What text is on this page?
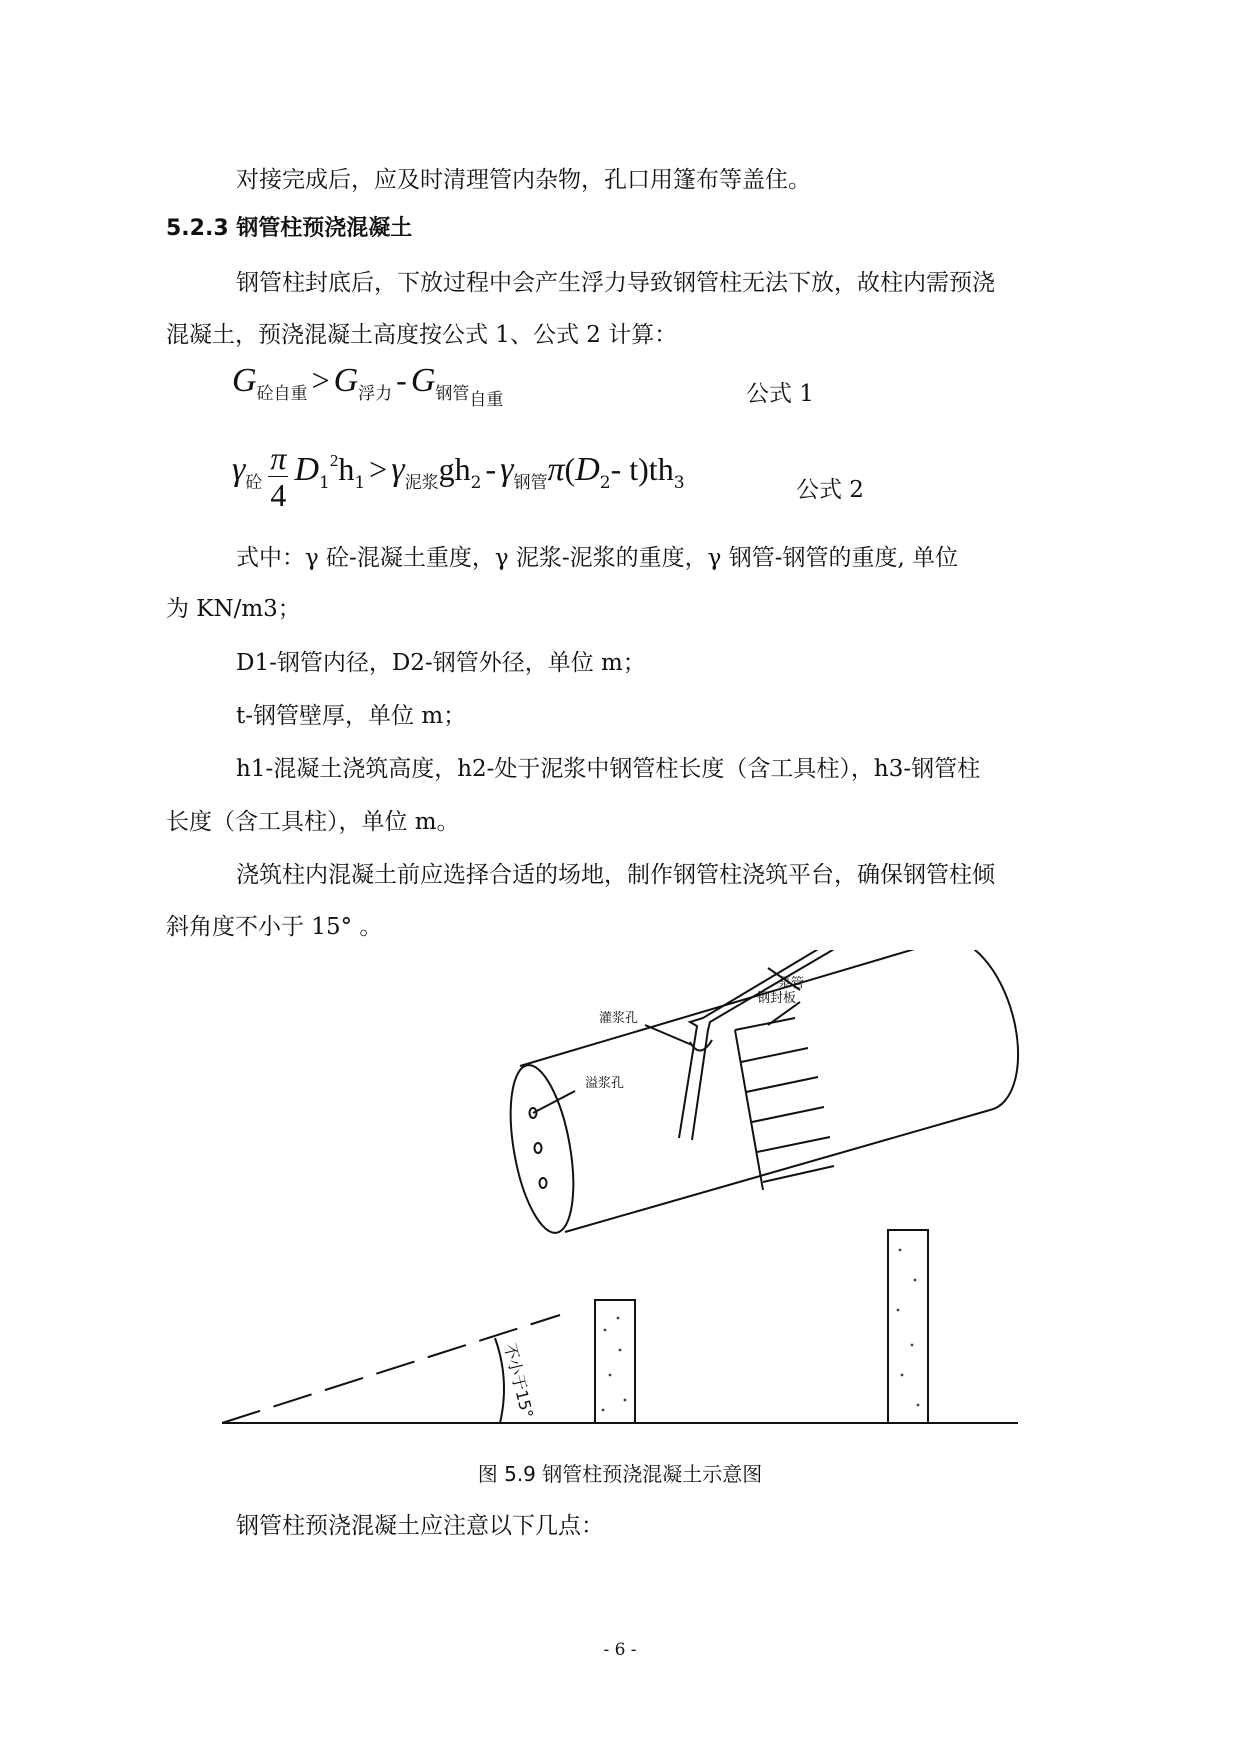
对接完成后，应及时清理管内杂物，孔口用篷布等盖住。
5.2.3 钢管柱预浇混凝土
钢管柱封底后，下放过程中会产生浮力导致钢管柱无法下放，故柱内需预浇
混凝土，预浇混凝土高度按公式 1、公式 2 计算：
G砼自重 > G浮力 - G钢管自重	公式 1
γ砼 $\frac{\pi}{4} D12h1 > \gamma$泥浆gh2 - γ钢管π(D2- t)th3	公式 2
式中：γ 砼-混凝土重度，γ 泥浆-泥浆的重度，γ 钢管-钢管的重度, 单位
为 KN/m3；
D1-钢管内径，D2-钢管外径，单位 m；
t-钢管壁厚，单位 m；
h1-混凝土浇筑高度，h2-处于泥浆中钢管柱长度（含工具柱），h3-钢管柱
长度（含工具柱），单位 m。
浇筑柱内混凝土前应选择合适的场地，制作钢管柱浇筑平台，确保钢管柱倾
斜角度不小于 15° 。
泵管
钢封板
灌浆孔
溢浆孔
不小于15°
图 5.9 钢管柱预浇混凝土示意图
钢管柱预浇混凝土应注意以下几点：
- 6 -
